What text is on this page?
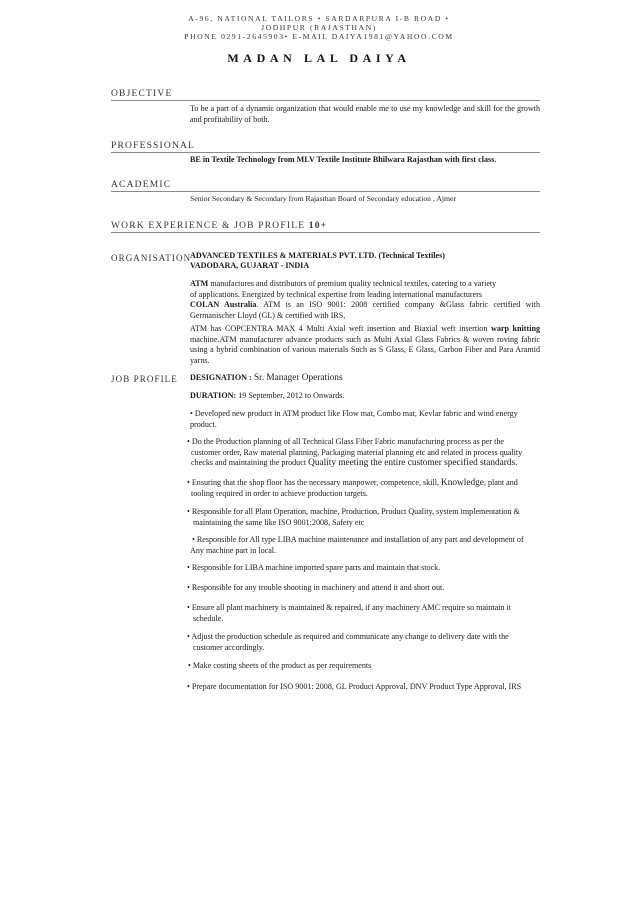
A-96, NATIONAL TAILORS • SARDARPURA I-B ROAD •
JODHPUR (RAJASTHAN)
PHONE 0291-2645903• E-MAIL DAIYA1981@YAHOO.COM
MADAN LAL DAIYA
OBJECTIVE
To be a part of a dynamic organization that would enable me to use my knowledge and skill for the growth and profitability of both.
PROFESSIONAL
BE in Textile Technology from MLV Textile Institute Bhilwara Rajasthan with first class.
ACADEMIC
Senior Secondary & Secondary from Rajasthan Board of Secondary education , Ajmer
WORK EXPERIENCE & JOB PROFILE 10+
ORGANISATION
ADVANCED TEXTILES & MATERIALS PVT. LTD. (Technical Textiles)
VADODARA, GUJARAT - INDIA
ATM manufactures and distributors of premium quality technical textiles, catering to a variety
of applications. Energized by technical expertise from leading international manufacturers
COLAN Australia. ATM is an ISO 9001: 2008 certified company &Glass fabric certified with
Germanischer Lloyd (GL) & certified with IRS,
ATM has COPCENTRA MAX 4 Multi Axial weft insertion and Biaxial weft insertion warp knitting machine.ATM manufacturer advance products such as Multi Axial Glass Fabrics & woven roving fabric using a hybrid combination of various materials Such as S Glass, E Glass, Carbon Fiber and Para Aramid yarns.
JOB PROFILE DESIGNATION : Sr. Manager Operations
DURATION: 19 September, 2012 to Onwards.
• Developed new product in ATM product like Flow mat, Combo mat, Kevlar fabric and wind energy
product.
• Do the Production planning of all Technical Glass Fiber Fabric manufacturing process as per the
customer order, Raw material planning, Packaging material planning etc and related in process quality
checks and maintaining the product Quality meeting the entire customer specified standards.
• Ensuring that the shop floor has the necessary manpower, competence, skill, Knowledge, plant and
tooling required in order to achieve production targets.
• Responsible for all Plant Operation, machine, Production, Product Quality, system implementation &
maintaining the same like ISO 9001:2008, Safety etc
• Responsible for All type LIBA machine maintenance and installation of any part and development of
Any machine part in local.
• Responsible for LIBA machine imported spare parts and maintain that stock.
• Responsible for any trouble shooting in machinery and attend it and short out.
• Ensure all plant machinery is maintained & repaired, if any machinery AMC require so maintain it
schedule.
• Adjust the production schedule as required and communicate any change to delivery date with the
customer accordingly.
• Make costing sheets of the product as per requirements
• Prepare documentation for ISO 9001: 2008, GL Product Approval, DNV Product Type Approval, IRS
